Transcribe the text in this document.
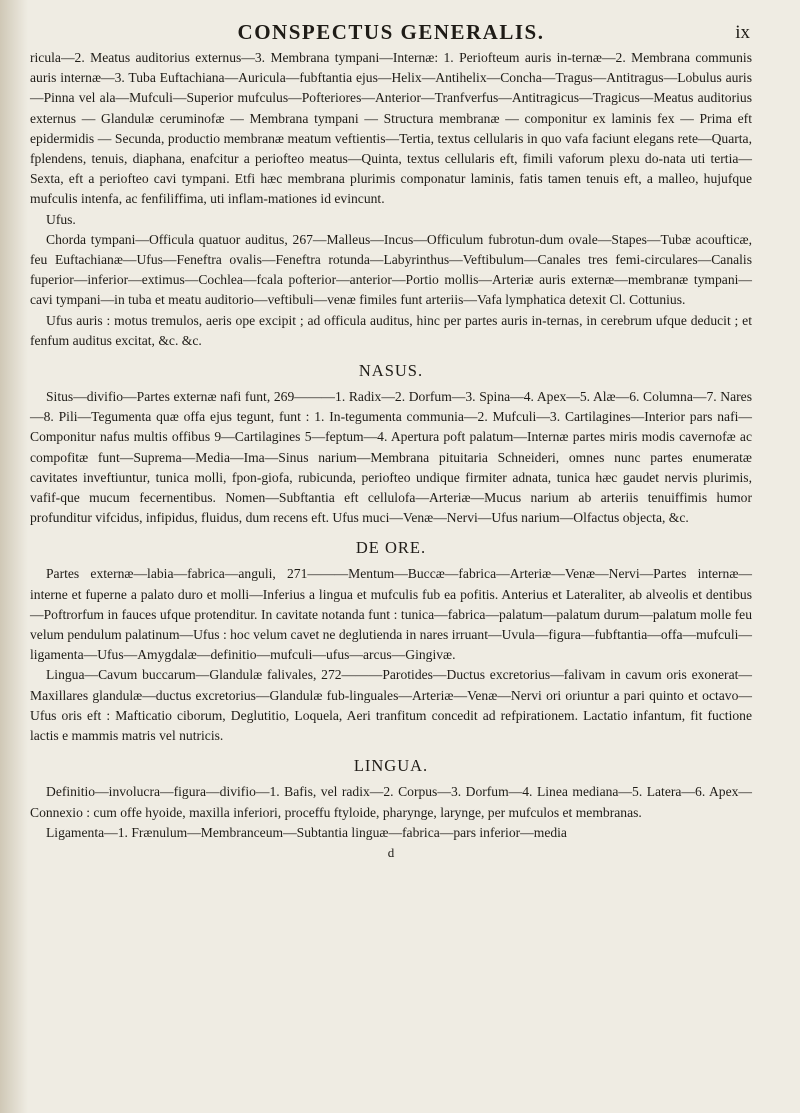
CONSPECTUS GENERALIS.	ix

ricula—2. Meatus auditorius externus—3. Membrana tympani—Internæ: 1. Periofteum auris in-ternæ—2. Membrana communis auris internæ—3. Tuba Euftachiana—Auricula—fubftantia ejus—Helix—Antihelix—Concha—Tragus—Antitragus—Lobulus auris—Pinna vel ala—Mufculi—Superior mufculus—Pofteriores—Anterior—Tranfverfus—Antitragicus—Tragicus—Meatus auditorius externus — Glandulæ ceruminofæ — Membrana tympani — Structura membranæ — componitur ex laminis fex — Prima eft epidermidis — Secunda, productio membranæ meatum veftientis—Tertia, textus cellularis in quo vafa faciunt elegans rete—Quarta, fplendens, tenuis, diaphana, enafcitur a periofteo meatus—Quinta, textus cellularis eft, fimili vaforum plexu do-nata uti tertia—Sexta, eft a periofteo cavi tympani. Etfi hæc membrana plurimis componatur laminis, fatis tamen tenuis eft, a malleo, hujufque mufculis intenfa, ac fenfiliffima, uti inflam-mationes id evincunt.

Ufus.

Chorda tympani—Officula quatuor auditus, 267—Malleus—Incus—Officulum fubrotun-dum ovale—Stapes—Tubæ acoufticæ, feu Euftachianæ—Ufus—Feneftra ovalis—Feneftra rotunda—Labyrinthus—Veftibulum—Canales tres femi-circulares—Canalis fuperior—inferior—extimus—Cochlea—fcala pofterior—anterior—Portio mollis—Arteriæ auris externæ—membranæ tympani—cavi tympani—in tuba et meatu auditorio—veftibuli—venæ fimiles funt arteriis—Vafa lymphatica detexit Cl. Cottunius.

Ufus auris : motus tremulos, aeris ope excipit ; ad officula auditus, hinc per partes auris in-ternas, in cerebrum ufque deducit ; et fenfum auditus excitat, &c. &c.

NASUS.

Situs—divifio—Partes externæ nafi funt, 269———1. Radix—2. Dorfum—3. Spina—4. Apex—5. Alæ—6. Columna—7. Nares—8. Pili—Tegumenta quæ offa ejus tegunt, funt : 1. In-tegumenta communia—2. Mufculi—3. Cartilagines—Interior pars nafi—Componitur nafus multis offibus 9—Cartilagines 5—feptum—4. Apertura poft palatum—Internæ partes miris modis cavernofæ ac compofitæ funt—Suprema—Media—Ima—Sinus narium—Membrana pituitaria Schneideri, omnes nunc partes enumeratæ cavitates inveftiuntur, tunica molli, fpon-giofa, rubicunda, periofteo undique firmiter adnata, tunica hæc gaudet nervis plurimis, vafif-que mucum fecernentibus. Nomen—Subftantia eft cellulofa—Arteriæ—Mucus narium ab arteriis tenuiffimis humor profunditur vifcidus, infipidus, fluidus, dum recens eft. Ufus muci—Venæ—Nervi—Ufus narium—Olfactus objecta, &c.

DE ORE.

Partes externæ—labia—fabrica—anguli, 271———Mentum—Buccæ—fabrica—Arteriæ—Venæ—Nervi—Partes internæ—interne et fuperne a palato duro et molli—Inferius a lingua et mufculis fub ea pofitis. Anterius et Lateraliter, ab alveolis et dentibus—Poftrorfum in fauces ufque protenditur. In cavitate notanda funt : tunica—fabrica—palatum—palatum durum—palatum molle feu velum pendulum palatinum—Ufus : hoc velum cavet ne deglutienda in nares irruant—Uvula—figura—fubftantia—offa—mufculi—ligamenta—Ufus—Amygdalæ—definitio—mufculi—ufus—arcus—Gingivæ.

Lingua—Cavum buccarum—Glandulæ falivales, 272———Parotides—Ductus excretorius—falivam in cavum oris exonerat—Maxillares glandulæ—ductus excretorius—Glandulæ fub-linguales—Arteriæ—Venæ—Nervi ori oriuntur a pari quinto et octavo—Ufus oris eft : Mafticatio ciborum, Deglutitio, Loquela, Aeri tranfitum concedit ad refpirationem. Lactatio infantum, fit fuctione lactis e mammis matris vel nutricis.

LINGUA.

Definitio—involucra—figura—divifio—1. Bafis, vel radix—2. Corpus—3. Dorfum—4. Linea mediana—5. Latera—6. Apex—Connexio : cum offe hyoide, maxilla inferiori, proceffu ftyloide, pharynge, larynge, per mufculos et membranas.

Ligamenta—1. Frænulum—Membranceum—Subtantia linguæ—fabrica—pars inferior—media

d
